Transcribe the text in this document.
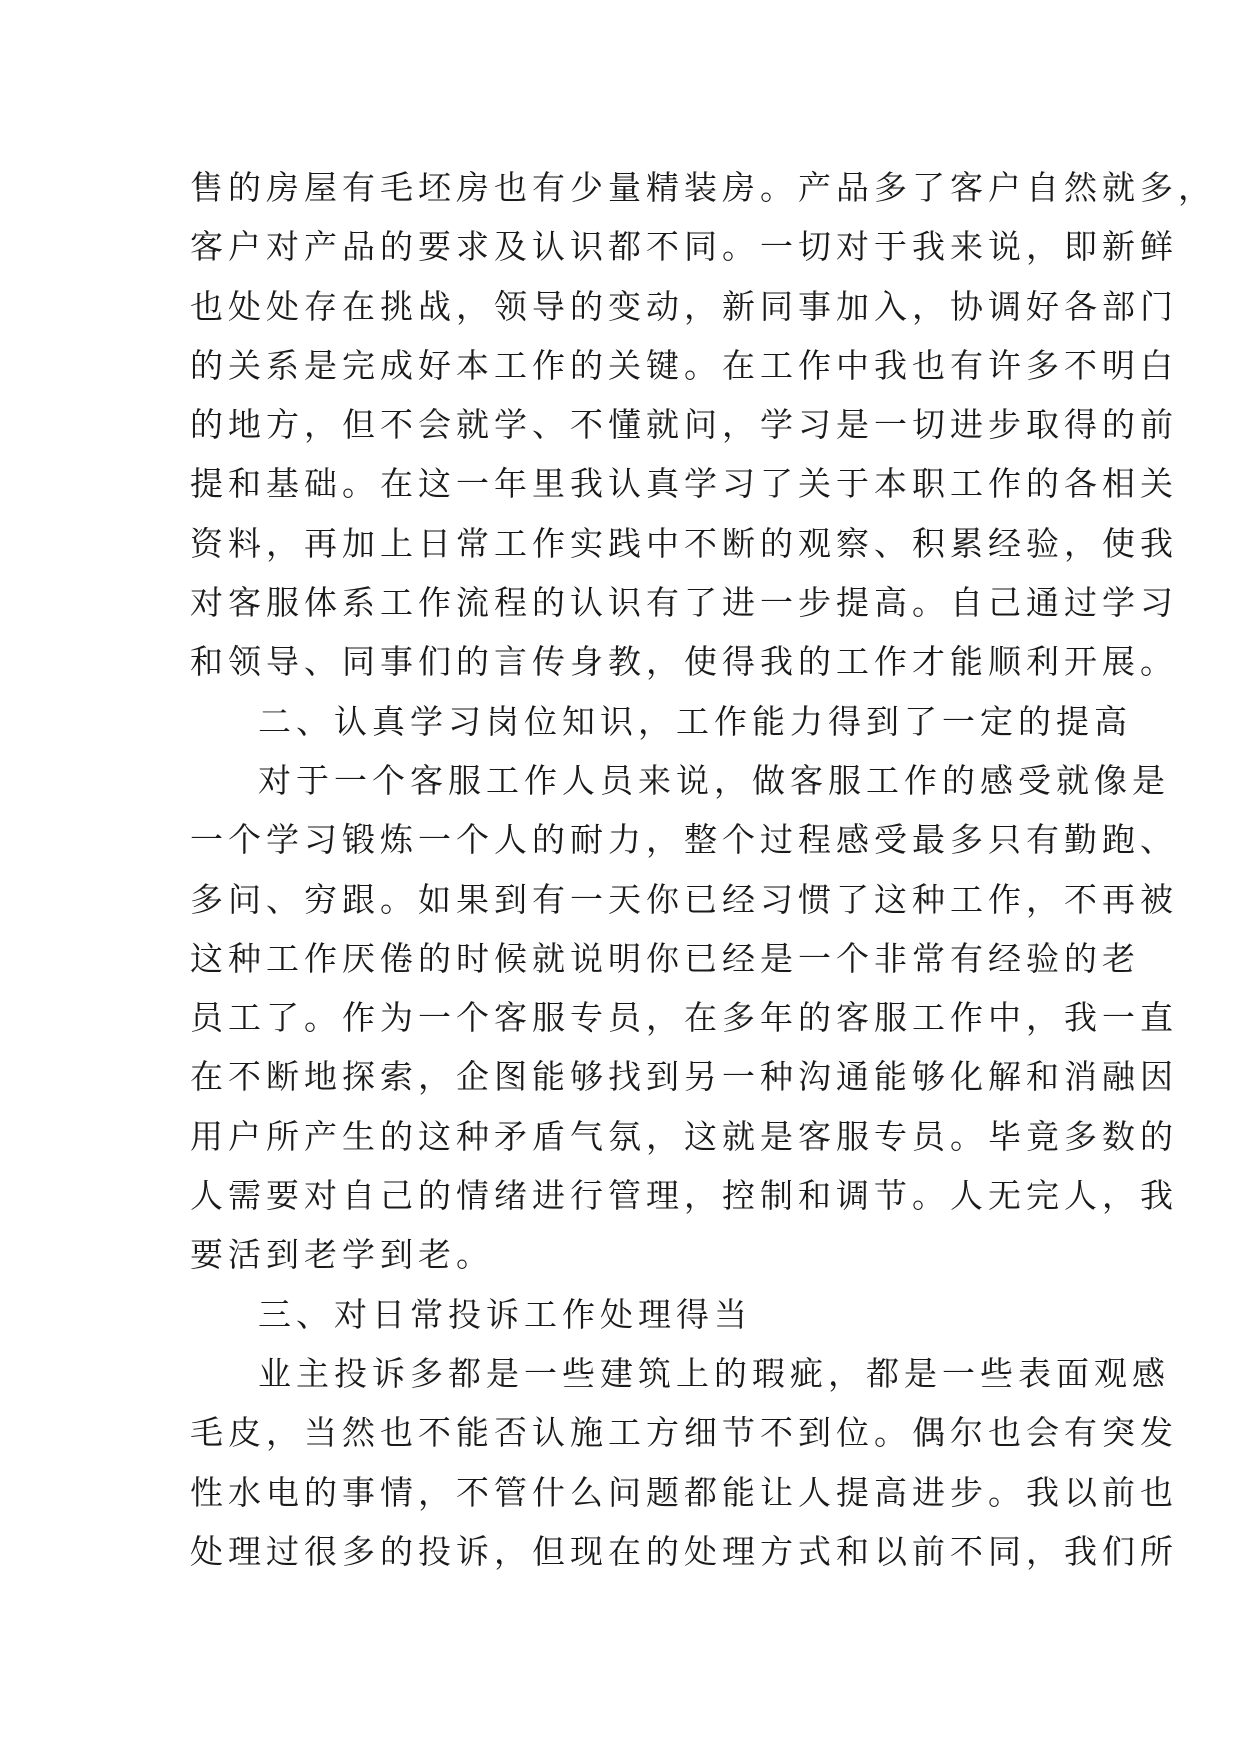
售的房屋有毛坯房也有少量精装房。产品多了客户自然就多，
客户对产品的要求及认识都不同。一切对于我来说，即新鲜
也处处存在挑战，领导的变动，新同事加入，协调好各部门
的关系是完成好本工作的关键。在工作中我也有许多不明白
的地方，但不会就学、不懂就问，学习是一切进步取得的前
提和基础。在这一年里我认真学习了关于本职工作的各相关
资料，再加上日常工作实践中不断的观察、积累经验，使我
对客服体系工作流程的认识有了进一步提高。自己通过学习
和领导、同事们的言传身教，使得我的工作才能顺利开展。
二、认真学习岗位知识，工作能力得到了一定的提高
对于一个客服工作人员来说，做客服工作的感受就像是
一个学习锻炼一个人的耐力，整个过程感受最多只有勤跑、
多问、穷跟。如果到有一天你已经习惯了这种工作，不再被
这种工作厌倦的时候就说明你已经是一个非常有经验的老
员工了。作为一个客服专员，在多年的客服工作中，我一直
在不断地探索，企图能够找到另一种沟通能够化解和消融因
用户所产生的这种矛盾气氛，这就是客服专员。毕竟多数的
人需要对自己的情绪进行管理，控制和调节。人无完人，我
要活到老学到老。
三、对日常投诉工作处理得当
业主投诉多都是一些建筑上的瑕疵，都是一些表面观感
毛皮，当然也不能否认施工方细节不到位。偶尔也会有突发
性水电的事情，不管什么问题都能让人提高进步。我以前也
处理过很多的投诉，但现在的处理方式和以前不同，我们所
